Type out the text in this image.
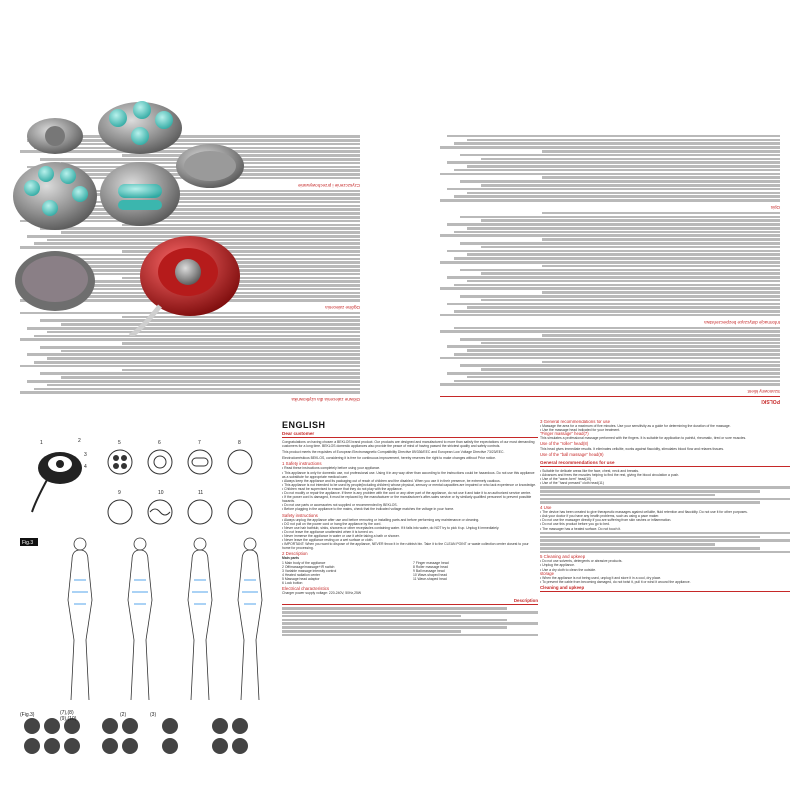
POLSKI
Szanowny klient
Informacje dotyczące bezpieczeństwa
Opis
Główne zalecenia dla użytkownika
Ogólne zalecenia
Czyszczenie i przechowywanie
1	2
3
4
5	6	7	8
9	10	11
Fig.3
(Fig.3)	(7),(8)
(9),(10)
(2)	(3)
ENGLISH
Dear customer
Congratulations on having chosen a BEKLOS brand product. Our products are designed and manufactured to more than satisfy the expectations of our most demanding customers for a long time. BEKLOS domestic appliances also provide the peace of mind of having passed the strictest quality and safety controls.
This product meets the requisites of European Electromagnetic Compatibility Directive 89/336/EEC and European Low Voltage Directive 73/23/EEC.
Electrodomésticos BEKLOS, considering it is free for continuous improvement, hereby reserves the right to make changes without Prior notice.
1 Safety instructions
• Read these instructions completely before using your appliance.
• This appliance is only for domestic use, not professional use. Using it in any way other than according to the instructions could be hazardous. Do not use this appliance as a substitute for appropriate medical care.
• Always keep the appliance and its packaging out of reach of children and the disabled. When you use it in their presence, be extremely cautious.
• This appliance is not intended to be used by people(including children) whose physical, sensory or mental capacities are impaired or who lack experience or knowledge.
• Children must be supervised to ensure that they do not play with the appliance.
• Do not modify or repair the appliance. If there is any problem with the cord or any other part of the appliance, do not use it and take it to an authorized service centre.
• If the power cord is damaged, it must be replaced by the manufacturer or the manufacturer's after-sales service or by similarly qualified personnel to prevent possible hazards.
• Do not use parts or accessories not supplied or recommended by BEKLOS.
• Before plugging in the appliance to the mains, check that the indicated voltage matches the voltage in your home.
Safety instructions
• Always unplug the appliance after use and before removing or installing parts and before performing any maintenance or cleaning.
• DO not pull on the power cord or hang the appliance by the cord.
• Never use hair bathtub, sinks, showers or other receptacles containing water. If it falls into water, do NOT try to pick it up. Unplug it immediately.
• Do not leave the appliance unattended when it is turned on.
• Never immerse the appliance in water or use it while taking a bath or shower.
• Never leave the appliance resting on a wet surface or cloth.
• IMPORTANT: When you want to dispose of the appliance, NEVER throw it in the rubbish bin. Take it to the CLEAN POINT or waste collection center closest to your home for processing.
2 Description
Main parts
1 Main body of the appliance
2 Off/massage/massage+IR switch
3 Variable massage intensity control
4 Heated radiation center
5 Massage head adaptor
6 Lock button
7 Finger massage head
8 Roller massage head
9 Ball massage head
10 Wave-shaped head
11 Wave-shaped head
Electrical characteristics
Charger power supply voltage: 220-240V, 50Hz,25W
Description
3 General recommendations for use
• Massage the area for a maximum of five minutes. Use your sensitivity as a guide for determining the duration of the massage.
• Use the massage head indicated for your treatment.
"Finger massage" head(7)
This simulates a professional massage performed with the fingers. It is suitable for application to painful, rheumatic, tired or sore muscles.
Use of the "roller" head(8)
This head gives immediate results. It eliminates cellulite, works against flaccidity, stimulates blood flow and relaxes tissues.
Use of the "ball massage" head(9)
General recommendations for use
• Suitable for delicate areas like the face, chest, neck and breasts.
• Advances and frees the muscles helping to find the rest, giving the blood circulation a push.
• Use of the "wave-form" head(10)
• Use of the "hand pressed" cloth head(11)
4 Use
• The device has been created to give therapeutic massages against cellulite, fluid retention and flaccidity. Do not use it for other purposes.
• Ask your doctor if you have any health problems, such as using a pace maker.
• Do not use the massager directly if you are suffering from skin rashes or inflammation.
• Do not use this product before you go to bed.
• The massager has a heated surface. Do not touch it.
5 Cleaning and upkeep
• Do not use solvents, detergents or abrasive products.
• Unplug the appliance.
• Use a dry cloth to clean the outside.
storage
• When the appliance is not being used, unplug it and store it in a cool, dry place.
• To prevent the cable from becoming damaged, do not twist it, pull it or wind it around the appliance.
Cleaning and upkeep
